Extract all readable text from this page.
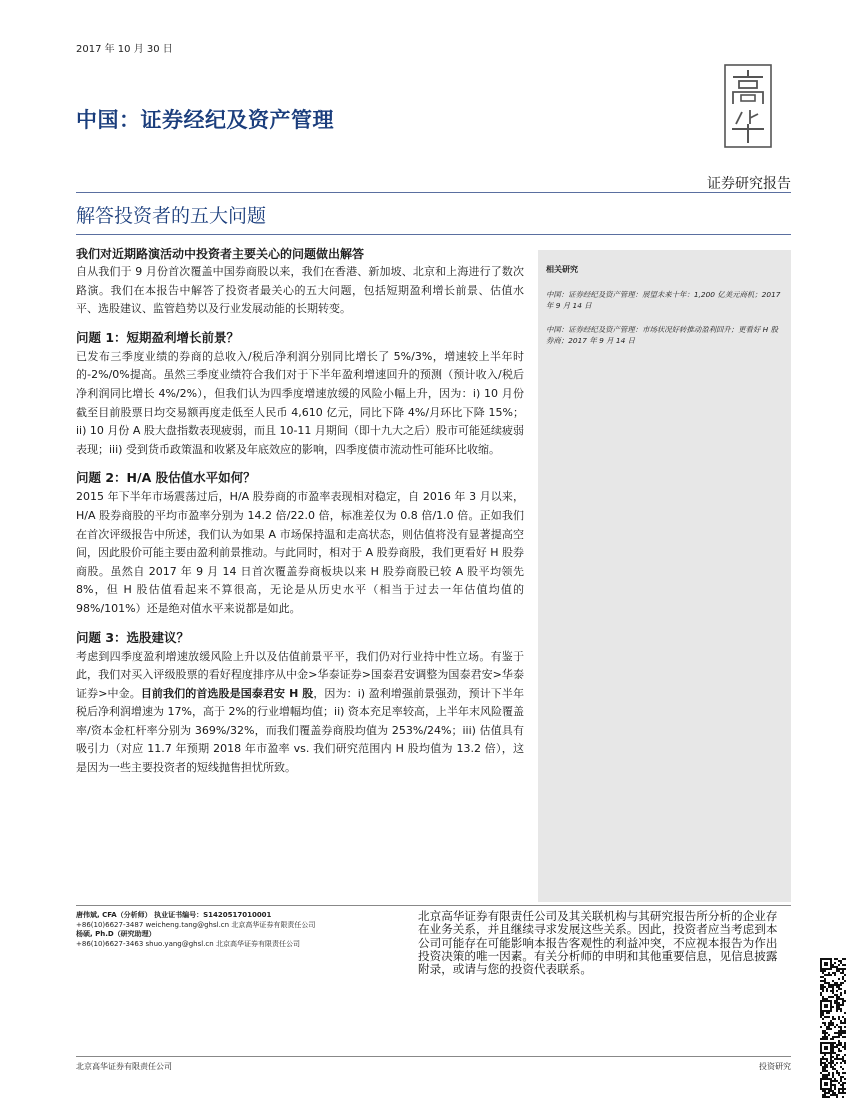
2017 年 10 月 30 日
中国：证券经纪及资产管理
证券研究报告
解答投资者的五大问题
我们对近期路演活动中投资者主要关心的问题做出解答
自从我们于 9 月份首次覆盖中国券商股以来，我们在香港、新加坡、北京和上海进行了数次路演。我们在本报告中解答了投资者最关心的五大问题，包括短期盈利增长前景、估值水平、选股建议、监管趋势以及行业发展动能的长期转变。
问题 1：短期盈利增长前景？
已发布三季度业绩的券商的总收入/税后净利润分别同比增长了 5%/3%，增速较上半年时的-2%/0%提高。虽然三季度业绩符合我们对于下半年盈利增速回升的预测（预计收入/税后净利润同比增长 4%/2%），但我们认为四季度增速放缓的风险小幅上升，因为：i) 10 月份截至目前股票日均交易额再度走低至人民币 4,610 亿元，同比下降 4%/月环比下降 15%；ii) 10 月份 A 股大盘指数表现疲弱，而且 10-11 月期间（即十九大之后）股市可能延续疲弱表现；iii) 受到货币政策温和收紧及年底效应的影响，四季度债市流动性可能环比收缩。
问题 2：H/A 股估值水平如何？
2015 年下半年市场震荡过后，H/A 股券商的市盈率表现相对稳定，自 2016 年 3 月以来， H/A 股券商股的平均市盈率分别为 14.2 倍/22.0 倍，标准差仅为 0.8 倍/1.0 倍。正如我们在首次评级报告中所述，我们认为如果 A 市场保持温和走高状态，则估值将没有显著提高空间，因此股价可能主要由盈利前景推动。与此同时，相对于 A 股券商股，我们更看好 H 股券商股。虽然自 2017 年 9 月 14 日首次覆盖券商板块以来 H 股券商股已较 A 股平均领先 8%，但 H 股估值看起来不算很高，无论是从历史水平（相当于过去一年估值均值的 98%/101%）还是绝对值水平来说都是如此。
问题 3：选股建议？
考虑到四季度盈利增速放缓风险上升以及估值前景平平，我们仍对行业持中性立场。有鉴于此，我们对买入评级股票的看好程度排序从中金>华泰证券>国泰君安调整为国泰君安>华泰证券>中金。目前我们的首选股是国泰君安 H 股，因为：i) 盈利增强前景强劲，预计下半年税后净利润增速为 17%，高于 2%的行业增幅均值；ii) 资本充足率较高，上半年末风险覆盖率/资本金杠杆率分别为 369%/32%，而我们覆盖券商股均值为 253%/24%；iii) 估值具有吸引力（对应 11.7 年预期 2018 年市盈率 vs. 我们研究范围内 H 股均值为 13.2 倍），这是因为一些主要投资者的短线抛售担忧所致。
相关研究
中国：证券经纪及资产管理：展望未来十年：1,200 亿美元商机；2017 年 9 月 14 日
中国：证券经纪及资产管理：市场状况好转推动盈利回升；更看好 H 股券商；2017 年 9 月 14 日
唐伟斌, CFA（分析师） 执业证书编号：S1420517010001
+86(10)6627-3487 weicheng.tang@ghsl.cn 北京高华证券有限责任公司
杨硕, Ph.D（研究助理）
+86(10)6627-3463 shuo.yang@ghsl.cn 北京高华证券有限责任公司
北京高华证券有限责任公司及其关联机构与其研究报告所分析的企业存在业务关系，并且继续寻求发展这些关系。因此，投资者应当考虑到本公司可能存在可能影响本报告客观性的利益冲突，不应视本报告为作出投资决策的唯一因素。有关分析师的申明和其他重要信息，见信息披露附录，或请与您的投资代表联系。
北京高华证券有限责任公司	投资研究
